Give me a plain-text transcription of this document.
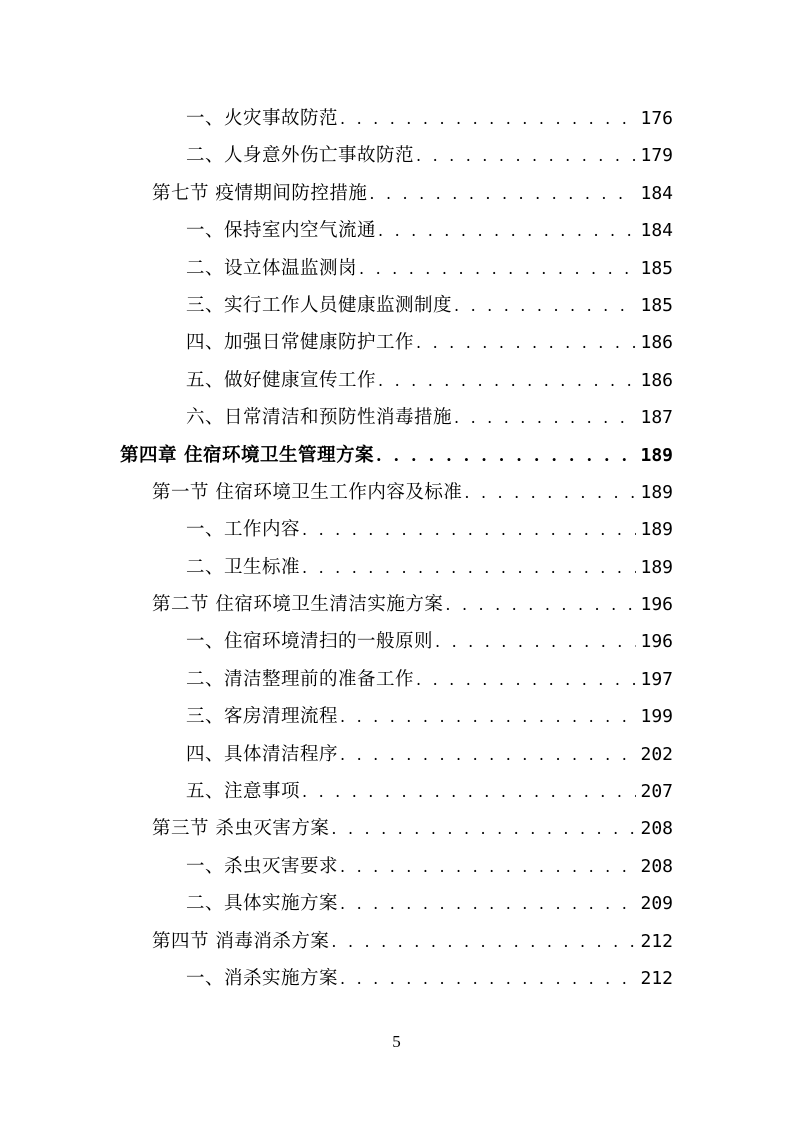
一、火灾事故防范 . . .	176
二、人身意外伤亡事故防范 . . .	179
第七节 疫情期间防控措施 . . .	184
一、保持室内空气流通 . . .	184
二、设立体温监测岗 . . .	185
三、实行工作人员健康监测制度 . . .	185
四、加强日常健康防护工作 . . .	186
五、做好健康宣传工作 . . .	186
六、日常清洁和预防性消毒措施 . . .	187
第四章 住宿环境卫生管理方案 . . .	189
第一节 住宿环境卫生工作内容及标准 . . .	189
一、工作内容 . . .	189
二、卫生标准 . . .	189
第二节 住宿环境卫生清洁实施方案 . . .	196
一、住宿环境清扫的一般原则 . . .	196
二、清洁整理前的准备工作 . . .	197
三、客房清理流程 . . .	199
四、具体清洁程序 . . .	202
五、注意事项 . . .	207
第三节 杀虫灭害方案 . . .	208
一、杀虫灭害要求 . . .	208
二、具体实施方案 . . .	209
第四节 消毒消杀方案 . . .	212
一、消杀实施方案 . . .	212
5
